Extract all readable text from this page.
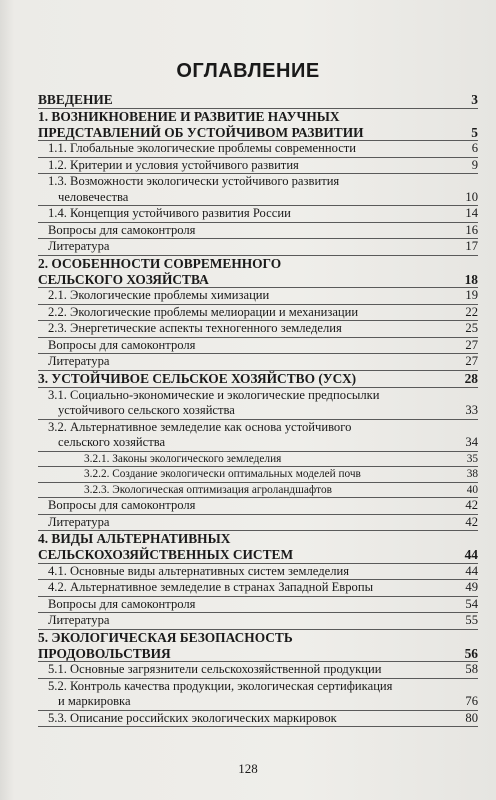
ОГЛАВЛЕНИЕ
ВВЕДЕНИЕ	3
1. ВОЗНИКНОВЕНИЕ И РАЗВИТИЕ НАУЧНЫХ
ПРЕДСТАВЛЕНИЙ ОБ УСТОЙЧИВОМ РАЗВИТИИ	5
1.1. Глобальные экологические проблемы современности	6
1.2. Критерии и условия устойчивого развития	9
1.3. Возможности экологически устойчивого развития
человечества	10
1.4. Концепция устойчивого развития России	14
Вопросы для самоконтроля	16
Литература	17
2. ОСОБЕННОСТИ СОВРЕМЕННОГО
СЕЛЬСКОГО ХОЗЯЙСТВА	18
2.1. Экологические проблемы химизации	19
2.2. Экологические проблемы мелиорации и механизации	22
2.3. Энергетические аспекты техногенного земледелия	25
Вопросы для самоконтроля	27
Литература	27
3. УСТОЙЧИВОЕ СЕЛЬСКОЕ ХОЗЯЙСТВО (УСХ)	28
3.1. Социально-экономические и экологические предпосылки
устойчивого сельского хозяйства	33
3.2. Альтернативное земледелие как основа устойчивого
сельского хозяйства	34
3.2.1. Законы экологического земледелия	35
3.2.2. Создание экологически оптимальных моделей почв	38
3.2.3. Экологическая оптимизация агроландшафтов	40
Вопросы для самоконтроля	42
Литература	42
4. ВИДЫ АЛЬТЕРНАТИВНЫХ
СЕЛЬСКОХОЗЯЙСТВЕННЫХ СИСТЕМ	44
4.1. Основные виды альтернативных систем земледелия	44
4.2. Альтернативное земледелие в странах Западной Европы	49
Вопросы для самоконтроля	54
Литература	55
5. ЭКОЛОГИЧЕСКАЯ БЕЗОПАСНОСТЬ
ПРОДОВОЛЬСТВИЯ	56
5.1. Основные загрязнители сельскохозяйственной продукции	58
5.2. Контроль качества продукции, экологическая сертификация
и маркировка	76
5.3. Описание российских экологических маркировок	80
128
